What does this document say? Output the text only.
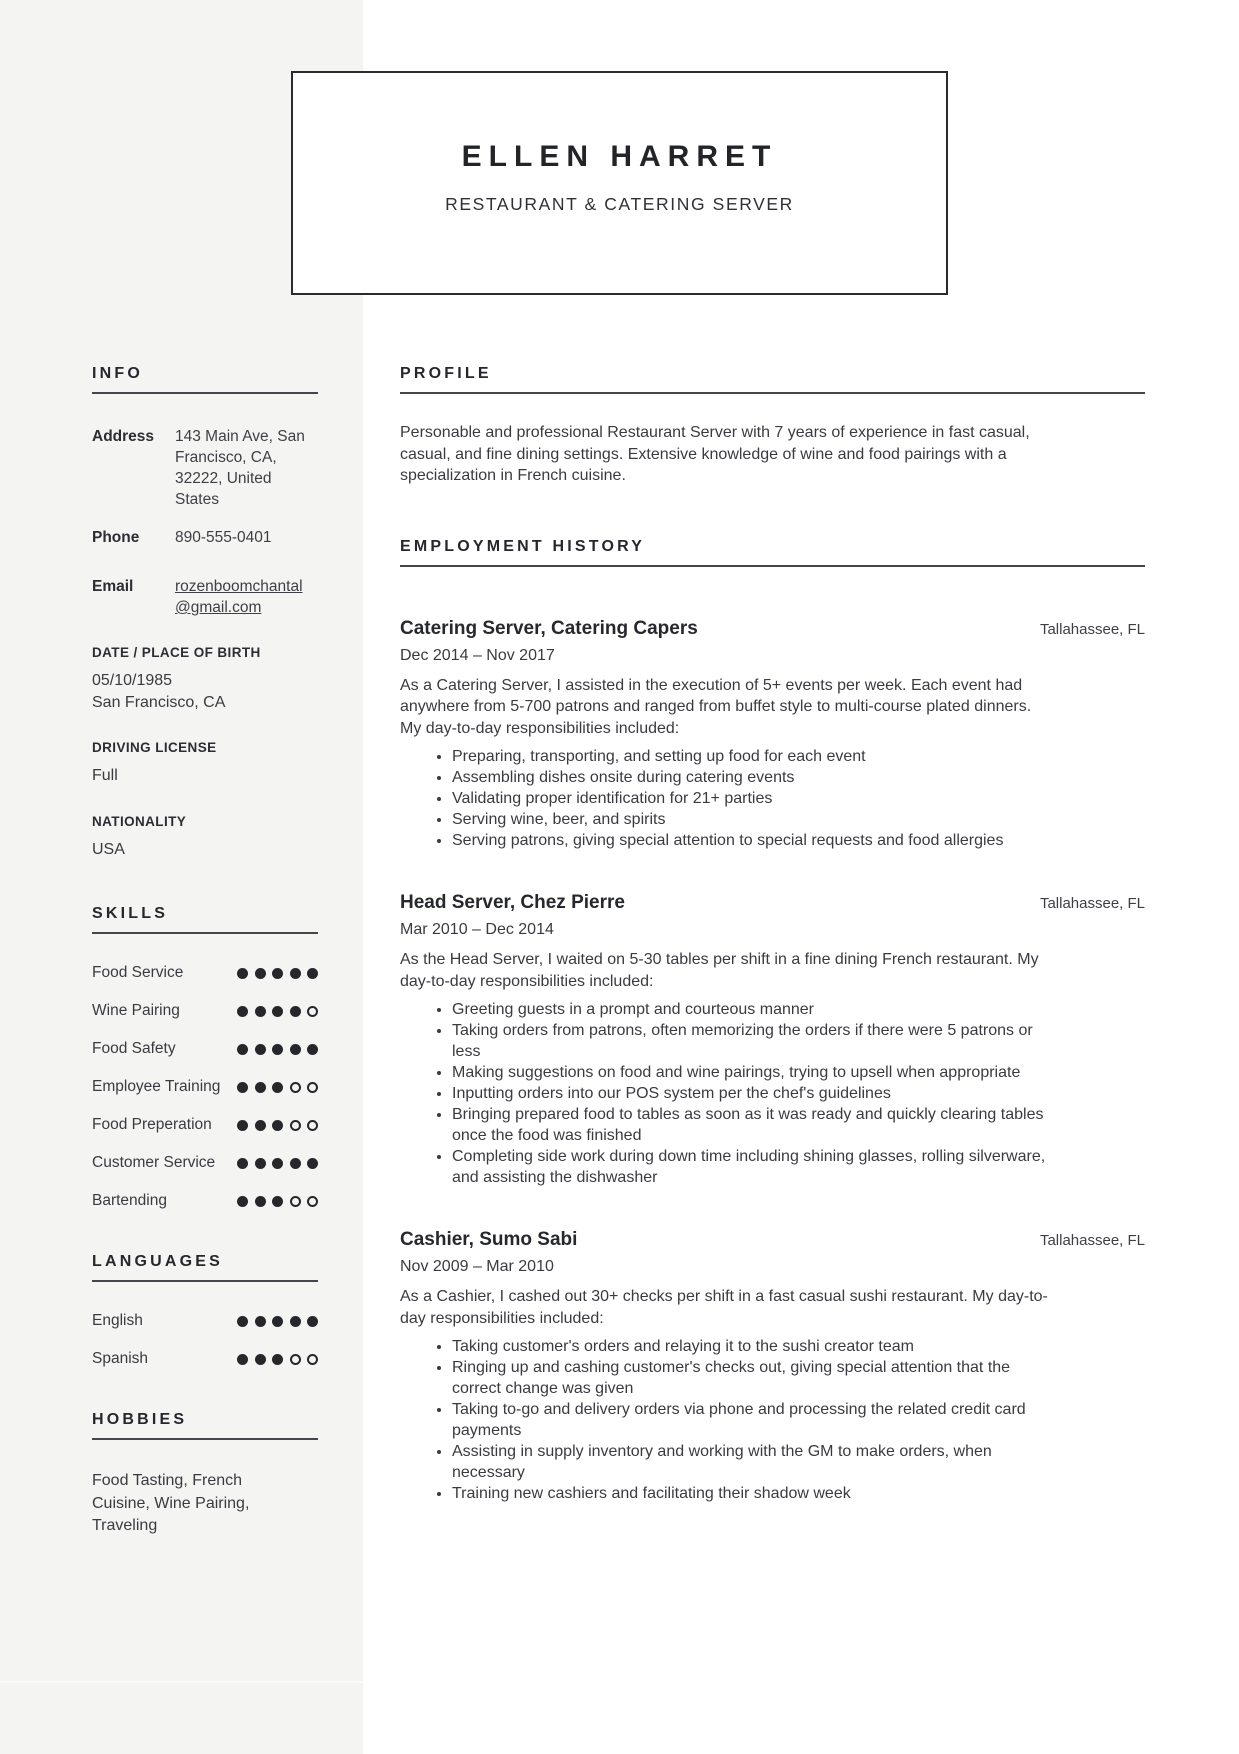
INFO
Address	143 Main Ave, San Francisco, CA, 32222, United States
Phone	890-555-0401
Email	rozenboomchantal@gmail.com
DATE / PLACE OF BIRTH
05/10/1985
San Francisco, CA
DRIVING LICENSE
Full
NATIONALITY
USA
SKILLS
Food Service
Wine Pairing
Food Safety
Employee Training
Food Preperation
Customer Service
Bartending
LANGUAGES
English
Spanish
HOBBIES
Food Tasting, French Cuisine, Wine Pairing, Traveling
ELLEN HARRET
RESTAURANT & CATERING SERVER
PROFILE

Personable and professional Restaurant Server with 7 years of experience in fast casual, casual, and fine dining settings. Extensive knowledge of wine and food pairings with a specialization in French cuisine.

EMPLOYMENT HISTORY
Catering Server, Catering Capers	Tallahassee, FL
Dec 2014 – Nov 2017

As a Catering Server, I assisted in the execution of 5+ events per week. Each event had anywhere from 5-700 patrons and ranged from buffet style to multi-course plated dinners. My day-to-day responsibilities included:

• Preparing, transporting, and setting up food for each event
• Assembling dishes onsite during catering events
• Validating proper identification for 21+ parties
• Serving wine, beer, and spirits
• Serving patrons, giving special attention to special requests and food allergies
Head Server, Chez Pierre	Tallahassee, FL
Mar 2010 – Dec 2014

As the Head Server, I waited on 5-30 tables per shift in a fine dining French restaurant. My day-to-day responsibilities included:

• Greeting guests in a prompt and courteous manner
• Taking orders from patrons, often memorizing the orders if there were 5 patrons or less
• Making suggestions on food and wine pairings, trying to upsell when appropriate
• Inputting orders into our POS system per the chef's guidelines
• Bringing prepared food to tables as soon as it was ready and quickly clearing tables once the food was finished
• Completing side work during down time including shining glasses, rolling silverware, and assisting the dishwasher
Cashier, Sumo Sabi	Tallahassee, FL
Nov 2009 – Mar 2010

As a Cashier, I cashed out 30+ checks per shift in a fast casual sushi restaurant. My day-to-day responsibilities included:

• Taking customer's orders and relaying it to the sushi creator team
• Ringing up and cashing customer's checks out, giving special attention that the correct change was given
• Taking to-go and delivery orders via phone and processing the related credit card payments
• Assisting in supply inventory and working with the GM to make orders, when necessary
• Training new cashiers and facilitating their shadow week
